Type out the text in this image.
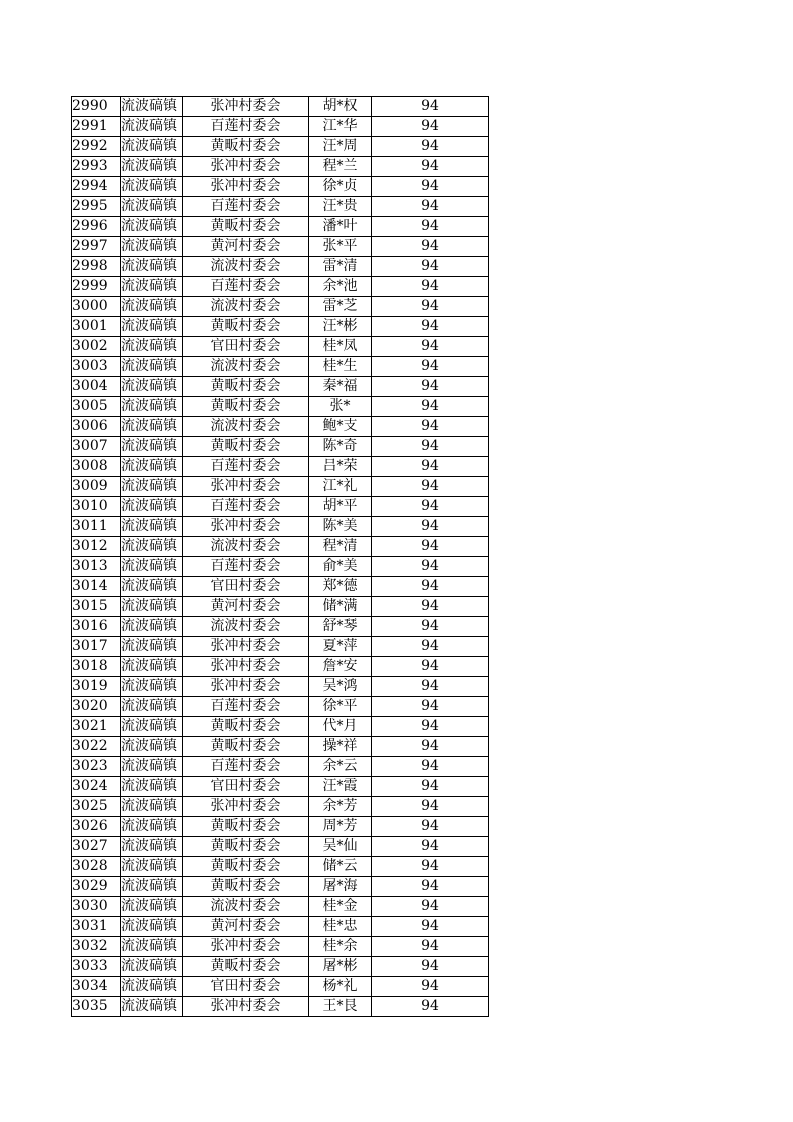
2990	流波碻镇	张冲村委会	胡*权	94
2991	流波碻镇	百莲村委会	江*华	94
2992	流波碻镇	黄畈村委会	汪*周	94
2993	流波碻镇	张冲村委会	程*兰	94
2994	流波碻镇	张冲村委会	徐*贞	94
2995	流波碻镇	百莲村委会	汪*贵	94
2996	流波碻镇	黄畈村委会	潘*叶	94
2997	流波碻镇	黄河村委会	张*平	94
2998	流波碻镇	流波村委会	雷*清	94
2999	流波碻镇	百莲村委会	余*池	94
3000	流波碻镇	流波村委会	雷*芝	94
3001	流波碻镇	黄畈村委会	汪*彬	94
3002	流波碻镇	官田村委会	桂*凤	94
3003	流波碻镇	流波村委会	桂*生	94
3004	流波碻镇	黄畈村委会	秦*福	94
3005	流波碻镇	黄畈村委会	张*	94
3006	流波碻镇	流波村委会	鲍*支	94
3007	流波碻镇	黄畈村委会	陈*奇	94
3008	流波碻镇	百莲村委会	吕*荣	94
3009	流波碻镇	张冲村委会	江*礼	94
3010	流波碻镇	百莲村委会	胡*平	94
3011	流波碻镇	张冲村委会	陈*美	94
3012	流波碻镇	流波村委会	程*清	94
3013	流波碻镇	百莲村委会	俞*美	94
3014	流波碻镇	官田村委会	郑*德	94
3015	流波碻镇	黄河村委会	储*满	94
3016	流波碻镇	流波村委会	舒*琴	94
3017	流波碻镇	张冲村委会	夏*萍	94
3018	流波碻镇	张冲村委会	詹*安	94
3019	流波碻镇	张冲村委会	吴*鸿	94
3020	流波碻镇	百莲村委会	徐*平	94
3021	流波碻镇	黄畈村委会	代*月	94
3022	流波碻镇	黄畈村委会	操*祥	94
3023	流波碻镇	百莲村委会	余*云	94
3024	流波碻镇	官田村委会	汪*霞	94
3025	流波碻镇	张冲村委会	余*芳	94
3026	流波碻镇	黄畈村委会	周*芳	94
3027	流波碻镇	黄畈村委会	吴*仙	94
3028	流波碻镇	黄畈村委会	储*云	94
3029	流波碻镇	黄畈村委会	屠*海	94
3030	流波碻镇	流波村委会	桂*金	94
3031	流波碻镇	黄河村委会	桂*忠	94
3032	流波碻镇	张冲村委会	桂*余	94
3033	流波碻镇	黄畈村委会	屠*彬	94
3034	流波碻镇	官田村委会	杨*礼	94
3035	流波碻镇	张冲村委会	王*艮	94
